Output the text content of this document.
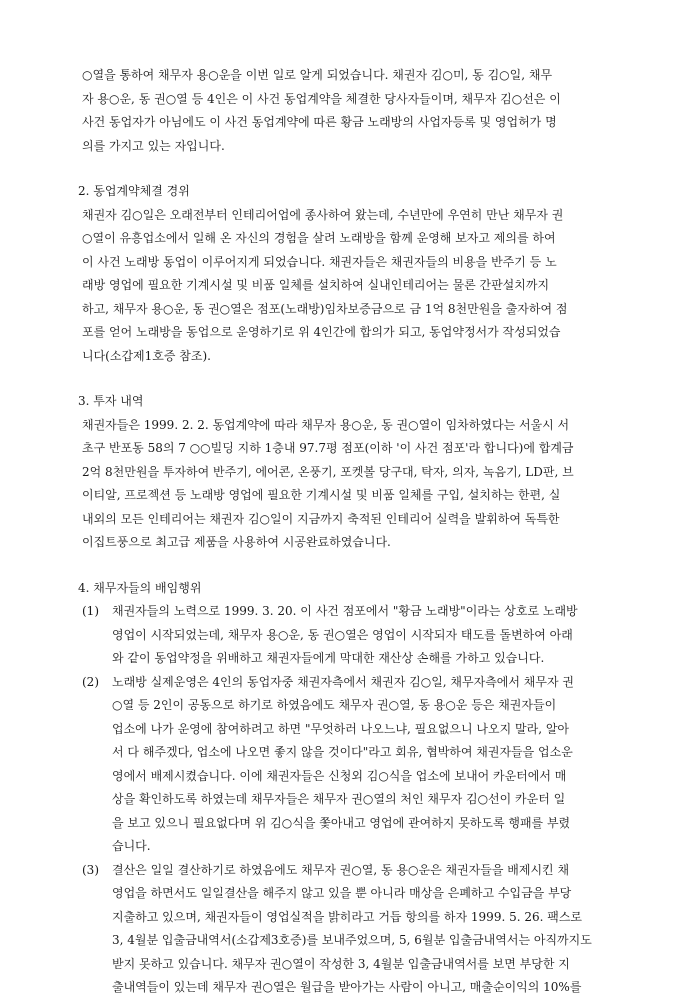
○열을 통하여 채무자 용○운을 이번 일로 알게 되었습니다. 채권자 김○미, 동 김○일, 채무

자 용○운, 동 권○열 등 4인은 이 사건 동업계약을 체결한 당사자들이며, 채무자 김○선은 이

사건 동업자가 아님에도 이 사건 동업계약에 따른 황금 노래방의 사업자등록 및 영업허가 명

의를 가지고 있는 자입니다.

2. 동업계약체결 경위

채권자 김○일은 오래전부터 인테리어업에 종사하여 왔는데, 수년만에 우연히 만난 채무자 권

○열이 유흥업소에서 일해 온 자신의 경험을 살려 노래방을 함께 운영해 보자고 제의를 하여

이 사건 노래방 동업이 이루어지게 되었습니다. 채권자들은 채권자들의 비용을 반주기 등 노

래방 영업에 필요한 기계시설 및 비품 일체를 설치하여 실내인테리어는 물론 간판설치까지

하고, 채무자 용○운, 동 권○열은 점포(노래방)임차보증금으로 금 1억 8천만원을 출자하여 점

포를 얻어 노래방을 동업으로 운영하기로 위 4인간에 합의가 되고, 동업약정서가 작성되었습

니다(소갑제1호증 참조).

3. 투자 내역

채권자들은 1999. 2. 2. 동업계약에 따라 채무자 용○운, 동 권○열이 임차하였다는 서울시 서

초구 반포동 58의 7 ○○빌딩 지하 1층내 97.7평 점포(이하 '이 사건 점포'라 합니다)에 합계금

2억 8천만원을 투자하여 반주기, 에어콘, 온풍기, 포켓볼 당구대, 탁자, 의자, 녹음기, LD판, 브

이티알, 프로젝션 등 노래방 영업에 필요한 기계시설 및 비품 일체를 구입, 설치하는 한편, 실

내외의 모든 인테리어는 채권자 김○일이 지금까지 축적된 인테리어 실력을 발휘하여 독특한

이집트풍으로 최고급 제품을 사용하여 시공완료하였습니다.

4. 채무자들의 배임행위

(1)	채권자들의 노력으로 1999. 3. 20. 이 사건 점포에서 "황금 노래방"이라는 상호로 노래방

영업이 시작되었는데, 채무자 용○운, 동 권○열은 영업이 시작되자 태도를 돌변하여 아래

와 같이 동업약정을 위배하고 채권자들에게 막대한 재산상 손해를 가하고 있습니다.

(2)	노래방 실제운영은 4인의 동업자중 채권자측에서 채권자 김○일, 채무자측에서 채무자 권

○열 등 2인이 공동으로 하기로 하였음에도 채무자 권○열, 동 용○운 등은 채권자들이

업소에 나가 운영에 참여하려고 하면 "무엇하러 나오느냐, 필요없으니 나오지 말라, 알아

서 다 해주겠다, 업소에 나오면 좋지 않을 것이다"라고 회유, 협박하여 채권자들을 업소운

영에서 배제시켰습니다. 이에 채권자들은 신청외 김○식을 업소에 보내어 카운터에서 매

상을 확인하도록 하였는데 채무자들은 채무자 권○열의 처인 채무자 김○선이 카운터 일

을 보고 있으니 필요없다며 위 김○식을 쫓아내고 영업에 관여하지 못하도록 행패를 부렸

습니다.

(3)	결산은 일일 결산하기로 하였음에도 채무자 권○열, 동 용○운은 채권자들을 배제시킨 채

영업을 하면서도 일일결산을 해주지 않고 있을 뿐 아니라 매상을 은폐하고 수입금을 부당

지출하고 있으며, 채권자들이 영업실적을 밝히라고 거듭 항의를 하자 1999. 5. 26. 팩스로

3, 4월분 입출금내역서(소갑제3호증)를 보내주었으며, 5, 6월분 입출금내역서는 아직까지도

받지 못하고 있습니다. 채무자 권○열이 작성한 3, 4월분 입출금내역서를 보면 부당한 지

출내역들이 있는데 채무자 권○열은 월급을 받아가는 사람이 아니고, 매출순이익의 10%를
